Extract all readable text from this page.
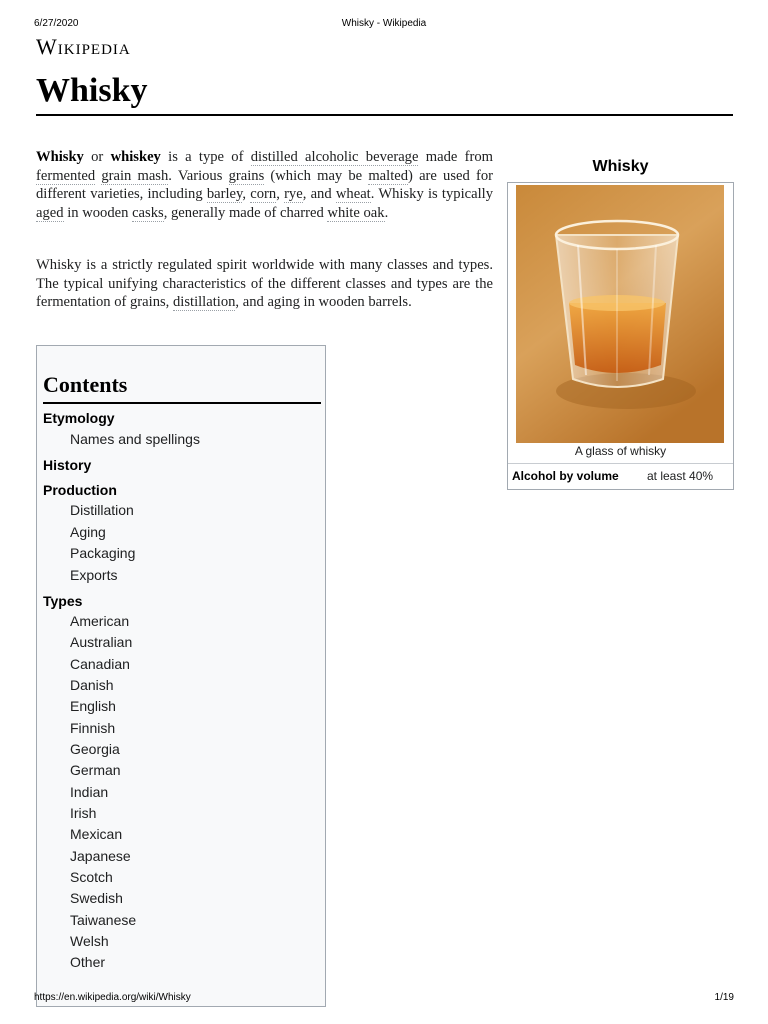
6/27/2020	Whisky - Wikipedia
Wikipedia
Whisky
Whisky or whiskey is a type of distilled alcoholic beverage made from fermented grain mash. Various grains (which may be malted) are used for different varieties, including barley, corn, rye, and wheat. Whisky is typically aged in wooden casks, generally made of charred white oak.
Whisky is a strictly regulated spirit worldwide with many classes and types. The typical unifying characteristics of the different classes and types are the fermentation of grains, distillation, and aging in wooden barrels.
Contents
Etymology
Names and spellings
History
Production
Distillation
Aging
Packaging
Exports
Types
American
Australian
Canadian
Danish
English
Finnish
Georgia
German
Indian
Irish
Mexican
Japanese
Scotch
Swedish
Taiwanese
Welsh
Other
Whisky
A glass of whisky
Alcohol by volume at least 40%
https://en.wikipedia.org/wiki/Whisky	1/19
